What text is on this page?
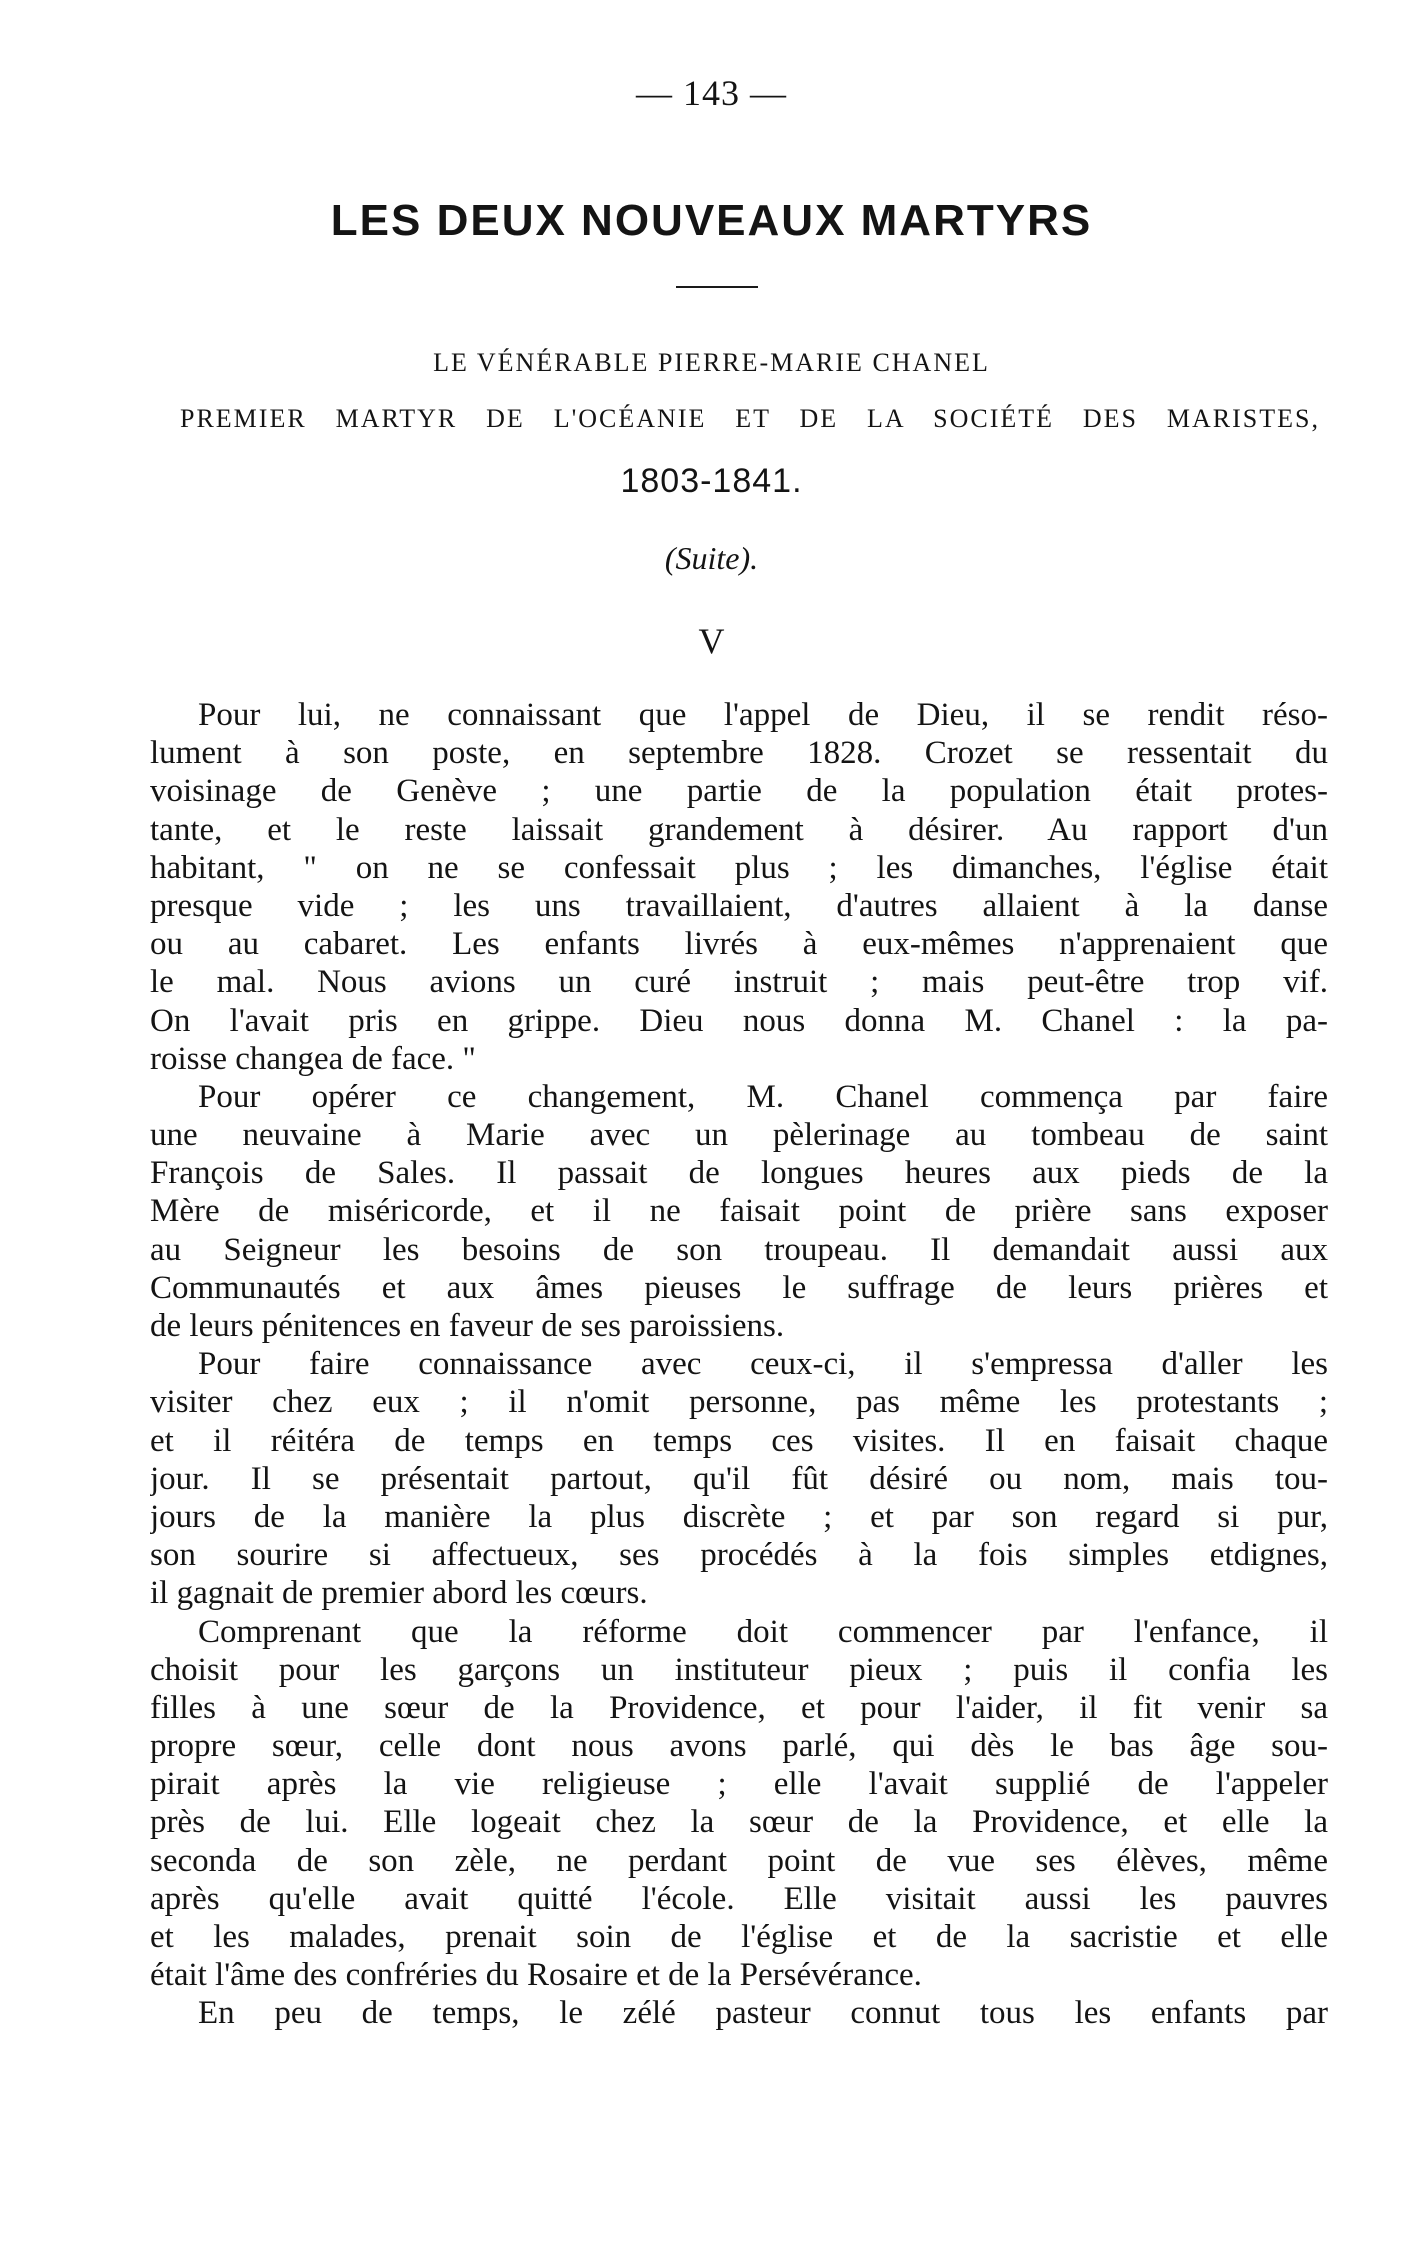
— 143 —
LES DEUX NOUVEAUX MARTYRS
LE VÉNÉRABLE PIERRE-MARIE CHANEL
PREMIER MARTYR DE L'OCÉANIE ET DE LA SOCIÉTÉ DES MARISTES,
1803-1841.
(Suite).
V
Pour lui, ne connaissant que l'appel de Dieu, il se rendit réso-
lument à son poste, en septembre 1828. Crozet se ressentait du
voisinage de Genève ; une partie de la population était protes-
tante, et le reste laissait grandement à désirer. Au rapport d'un
habitant, " on ne se confessait plus ; les dimanches, l'église était
presque vide ; les uns travaillaient, d'autres allaient à la danse
ou au cabaret. Les enfants livrés à eux-mêmes n'apprenaient que
le mal. Nous avions un curé instruit ; mais peut-être trop vif.
On l'avait pris en grippe. Dieu nous donna M. Chanel : la pa-
roisse changea de face. "
Pour opérer ce changement, M. Chanel commença par faire
une neuvaine à Marie avec un pèlerinage au tombeau de saint
François de Sales. Il passait de longues heures aux pieds de la
Mère de miséricorde, et il ne faisait point de prière sans exposer
au Seigneur les besoins de son troupeau. Il demandait aussi aux
Communautés et aux âmes pieuses le suffrage de leurs prières et
de leurs pénitences en faveur de ses paroissiens.
Pour faire connaissance avec ceux-ci, il s'empressa d'aller les
visiter chez eux ; il n'omit personne, pas même les protestants ;
et il réitéra de temps en temps ces visites. Il en faisait chaque
jour. Il se présentait partout, qu'il fût désiré ou nom, mais tou-
jours de la manière la plus discrète ; et par son regard si pur,
son sourire si affectueux, ses procédés à la fois simples etdignes,
il gagnait de premier abord les cœurs.
Comprenant que la réforme doit commencer par l'enfance, il
choisit pour les garçons un instituteur pieux ; puis il confia les
filles à une sœur de la Providence, et pour l'aider, il fit venir sa
propre sœur, celle dont nous avons parlé, qui dès le bas âge sou-
pirait après la vie religieuse ; elle l'avait supplié de l'appeler
près de lui. Elle logeait chez la sœur de la Providence, et elle la
seconda de son zèle, ne perdant point de vue ses élèves, même
après qu'elle avait quitté l'école. Elle visitait aussi les pauvres
et les malades, prenait soin de l'église et de la sacristie et elle
était l'âme des confréries du Rosaire et de la Persévérance.
En peu de temps, le zélé pasteur connut tous les enfants par
